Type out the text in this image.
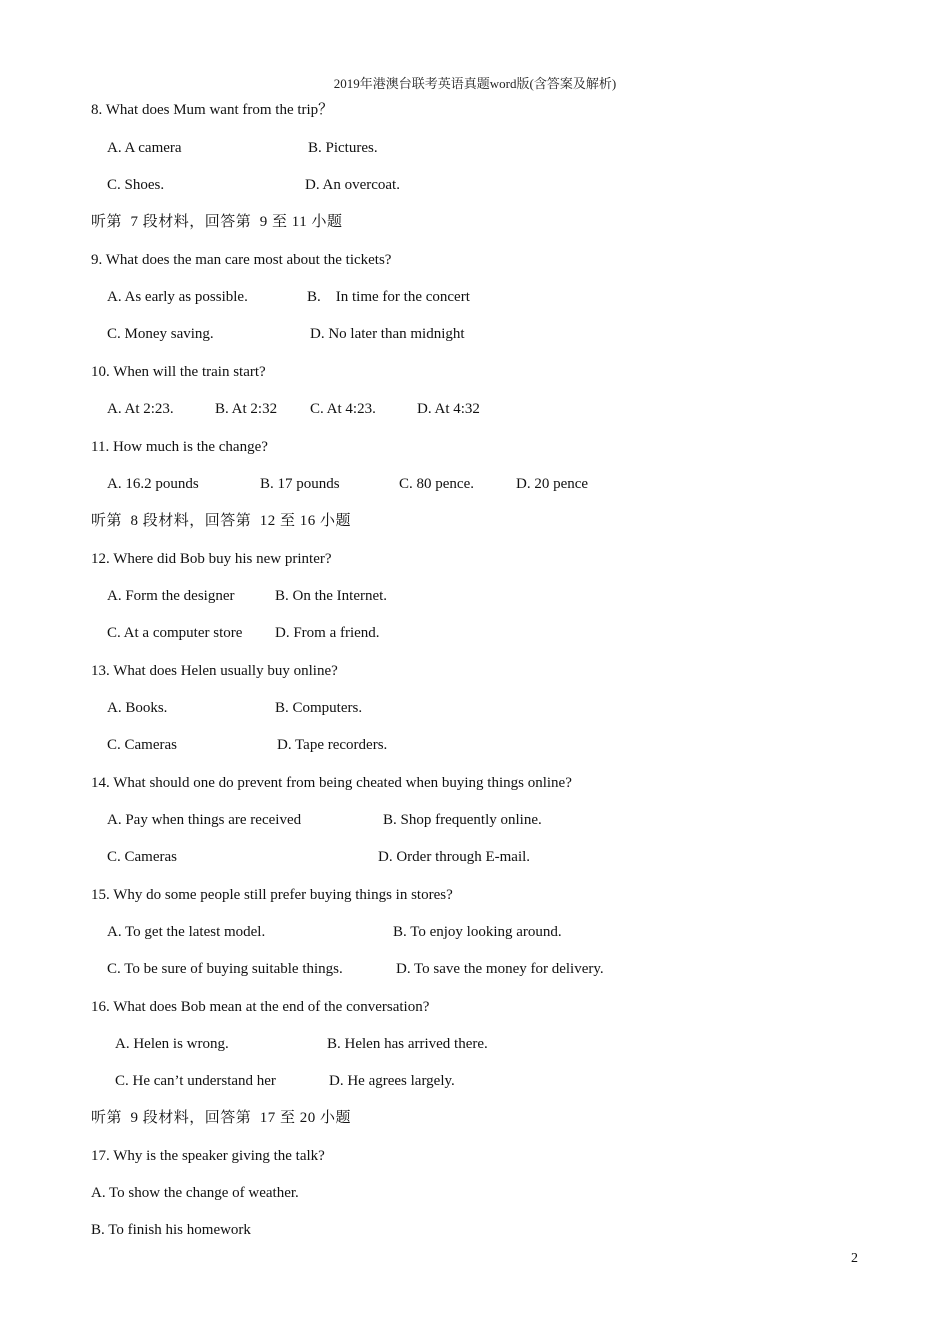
2019年港澳台联考英语真题word版(含答案及解析)
8. What does Mum want from the trip？
A. A camera	B. Pictures.
C. Shoes.	D. An overcoat.
听第  7 段材料，回答第  9 至 11 小题
9. What does the man care most about the tickets?
A. As early as possible.	B.    In time for the concert
C. Money saving.	D. No later than midnight
10. When will the train start?
A. At 2:23.	B. At 2:32 C. At 4:23.	D. At 4:32
11. How much is the change?
A. 16.2 pounds	B. 17 pounds	C. 80 pence.	D. 20 pence
听第  8 段材料，回答第  12 至 16 小题
12. Where did Bob buy his new printer?
A. Form the designer	B. On the Internet.
C. At a computer store D. From a friend.
13. What does Helen usually buy online?
A. Books.	B. Computers.
C. Cameras	D. Tape recorders.
14. What should one do prevent from being cheated when buying things online?
A. Pay when things are received	B. Shop frequently online.
C. Cameras	D. Order through E-mail.
15. Why do some people still prefer buying things in stores?
A. To get the latest model.	B. To enjoy looking around.
C. To be sure of buying suitable things.	D. To save the money for delivery.
16. What does Bob mean at the end of the conversation?
A. Helen is wrong.	B. Helen has arrived there.
C. He can’t understand her	D. He agrees largely.
听第  9 段材料，回答第  17 至 20 小题
17. Why is the speaker giving the talk?
A. To show the change of weather.
B. To finish his homework
2
